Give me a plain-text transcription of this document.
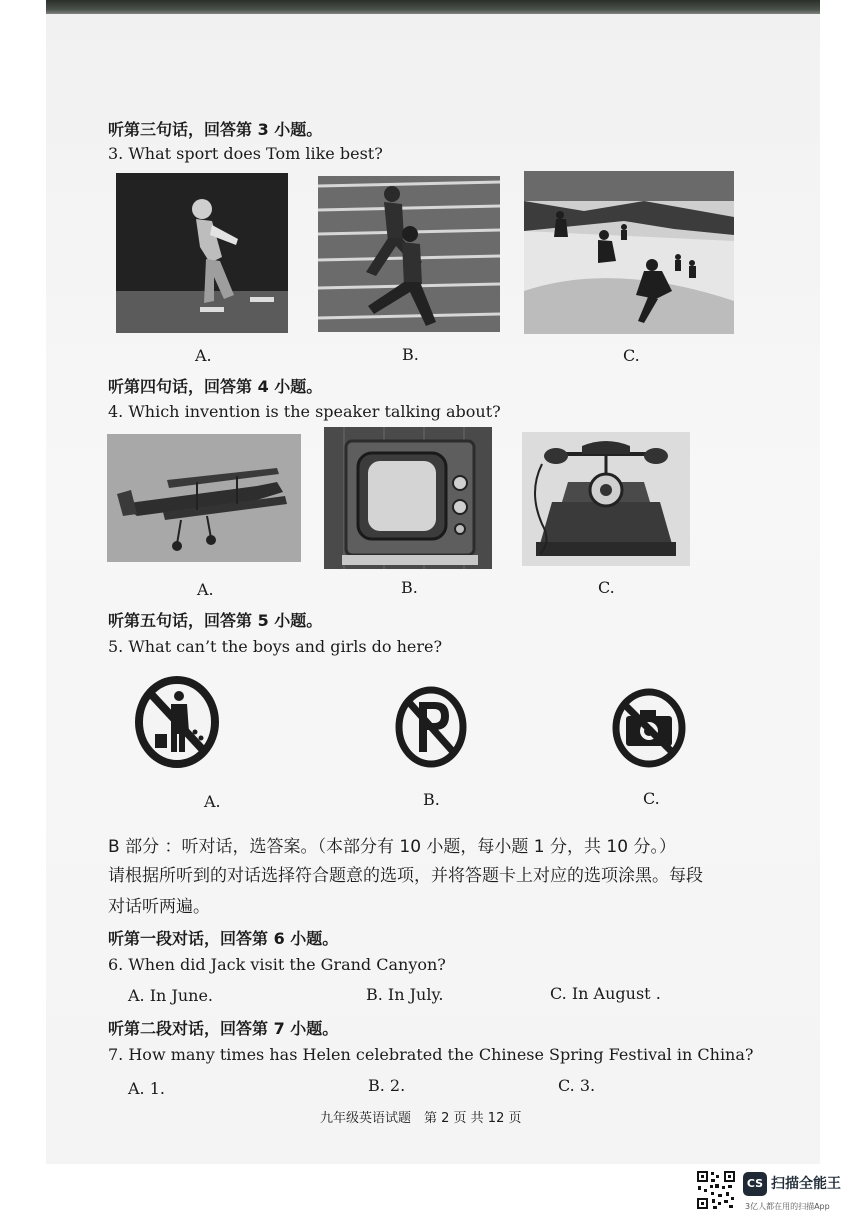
听第三句话，回答第 3 小题。
3. What sport does Tom like best?
A.	B.	C.
听第四句话，回答第 4 小题。
4. Which invention is the speaker talking about?
A.	B.	C.
听第五句话，回答第 5 小题。
5. What can’t the boys and girls do here?
A.	B.	C.
B 部分 ：听对话，选答案。（本部分有 10 小题，每小题 1 分，共 10 分。）
请根据所听到的对话选择符合题意的选项，并将答题卡上对应的选项涂黑。每段
对话听两遍。
听第一段对话，回答第 6 小题。
6. When did Jack visit the Grand Canyon?
A. In June.	B. In July.	C. In August .
听第二段对话，回答第 7 小题。
7. How many times has Helen celebrated the Chinese Spring Festival in China?
A. 1.	B. 2.	C. 3.
九年级英语试题　第 2 页 共 12 页
CS 扫描全能王
3亿人都在用的扫描App
